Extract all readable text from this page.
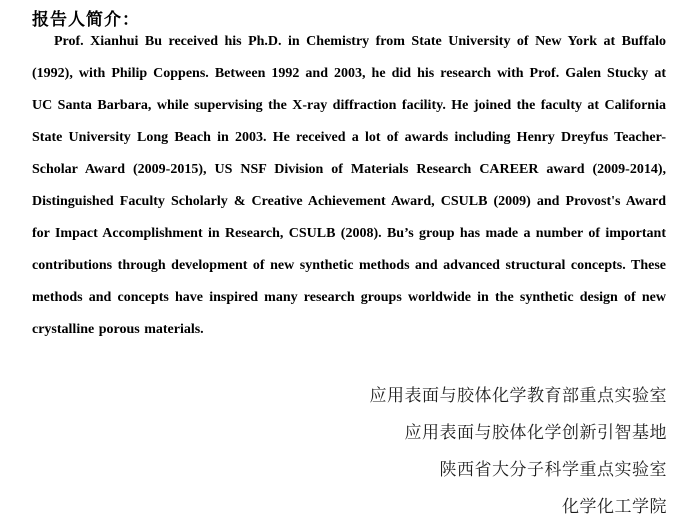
报告人简介：
Prof. Xianhui Bu received his Ph.D. in Chemistry from State University of New York at Buffalo (1992), with Philip Coppens. Between 1992 and 2003, he did his research with Prof. Galen Stucky at UC Santa Barbara, while supervising the X-ray diffraction facility. He joined the faculty at California State University Long Beach in 2003. He received a lot of awards including Henry Dreyfus Teacher-Scholar Award (2009-2015), US NSF Division of Materials Research CAREER award (2009-2014), Distinguished Faculty Scholarly & Creative Achievement Award, CSULB (2009) and Provost's Award for Impact Accomplishment in Research, CSULB (2008). Bu’s group has made a number of important contributions through development of new synthetic methods and advanced structural concepts. These methods and concepts have inspired many research groups worldwide in the synthetic design of new crystalline porous materials.
应用表面与胶体化学教育部重点实验室
应用表面与胶体化学创新引智基地
陕西省大分子科学重点实验室
化学化工学院
